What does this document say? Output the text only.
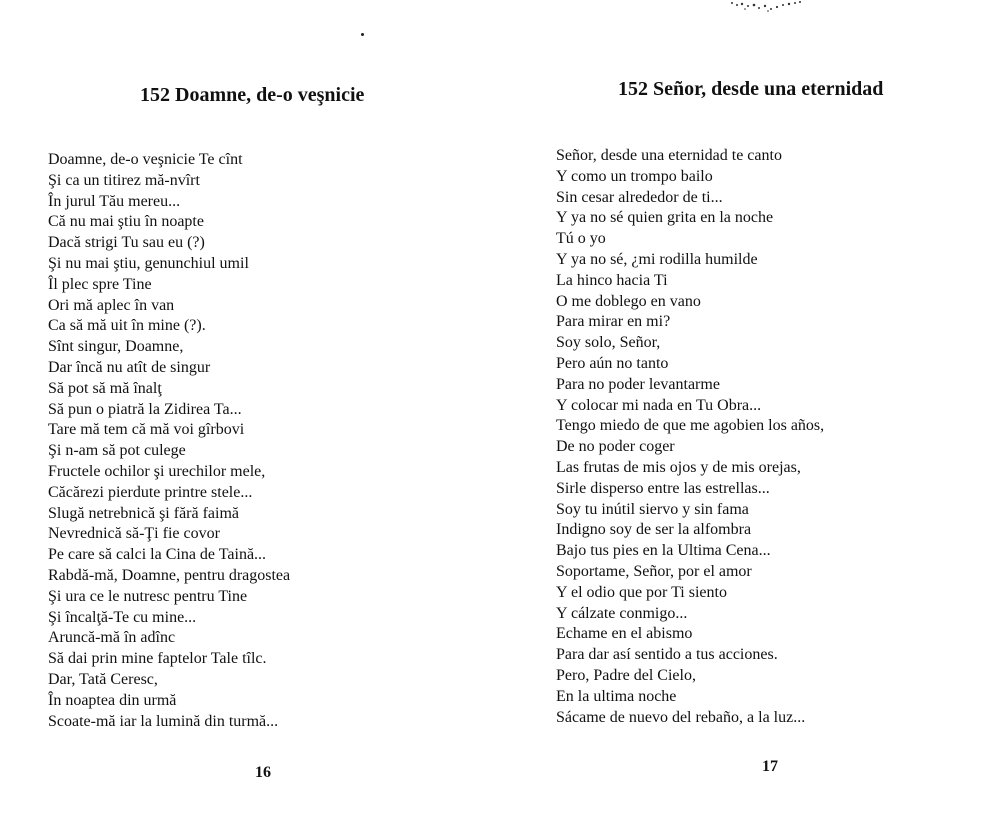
152 Doamne, de-o veşnicie
Doamne, de-o veşnicie Te cînt
Şi ca un titirez mă-nvîrt
În jurul Tău mereu...
Că nu mai ştiu în noapte
Dacă strigi Tu sau eu (?)
Şi nu mai ştiu, genunchiul umil
Îl plec spre Tine
Ori mă aplec în van
Ca să mă uit în mine (?).
Sînt singur, Doamne,
Dar încă nu atît de singur
Să pot să mă înalţ
Să pun o piatră la Zidirea Ta...
Tare mă tem că mă voi gîrbovi
Şi n-am să pot culege
Fructele ochilor şi urechilor mele,
Căcărezi pierdute printre stele...
Slugă netrebnică şi fără faimă
Nevrednică să-Ţi fie covor
Pe care să calci la Cina de Taină...
Rabdă-mă, Doamne, pentru dragostea
Şi ura ce le nutresc pentru Tine
Şi încalţă-Te cu mine...
Aruncă-mă în adînc
Să dai prin mine faptelor Tale tîlc.
Dar, Tată Ceresc,
În noaptea din urmă
Scoate-mă iar la lumină din turmă...

16

152 Señor, desde una eternidad
Señor, desde una eternidad te canto
Y como un trompo bailo
Sin cesar alrededor de ti...
Y ya no sé quien grita en la noche
Tú o yo
Y ya no sé, ¿mi rodilla humilde
La hinco hacia Ti
O me doblego en vano
Para mirar en mi?
Soy solo, Señor,
Pero aún no tanto
Para no poder levantarme
Y colocar mi nada en Tu Obra...
Tengo miedo de que me agobien los años,
De no poder coger
Las frutas de mis ojos y de mis orejas,
Sirle disperso entre las estrellas...
Soy tu inútil siervo y sin fama
Indigno soy de ser la alfombra
Bajo tus pies en la Ultima Cena...
Soportame, Señor, por el amor
Y el odio que por Ti siento
Y cálzate conmigo...
Echame en el abismo
Para dar así sentido a tus acciones.
Pero, Padre del Cielo,
En la ultima noche
Sácame de nuevo del rebaño, a la luz...

17
